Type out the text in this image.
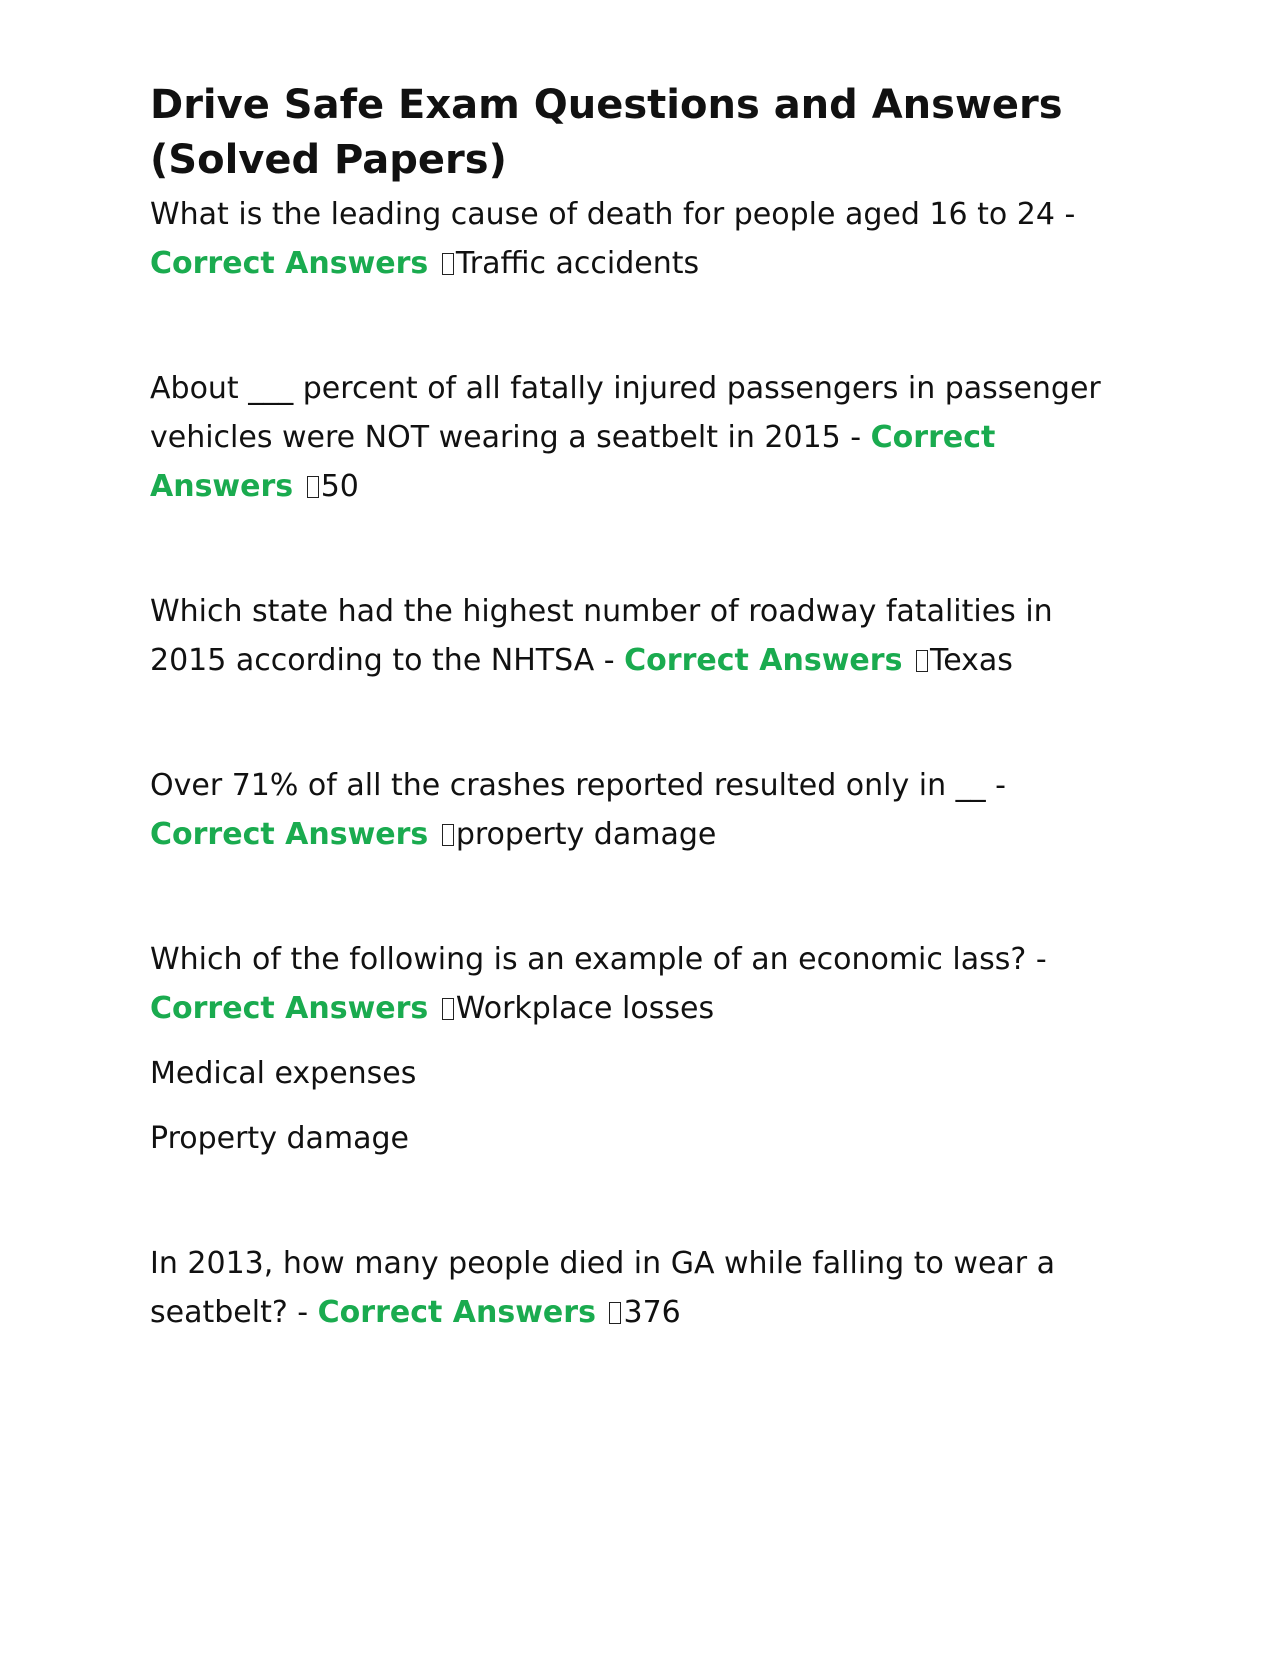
Drive Safe Exam Questions and Answers (Solved Papers)

What is the leading cause of death for people aged 16 to 24 - Correct Answers Traffic accidents

About ___ percent of all fatally injured passengers in passenger vehicles were NOT wearing a seatbelt in 2015 - Correct Answers 50

Which state had the highest number of roadway fatalities in 2015 according to the NHTSA - Correct Answers Texas

Over 71% of all the crashes reported resulted only in __ - Correct Answers property damage

Which of the following is an example of an economic lass? - Correct Answers Workplace losses

Medical expenses

Property damage

In 2013, how many people died in GA while falling to wear a seatbelt? - Correct Answers 376
